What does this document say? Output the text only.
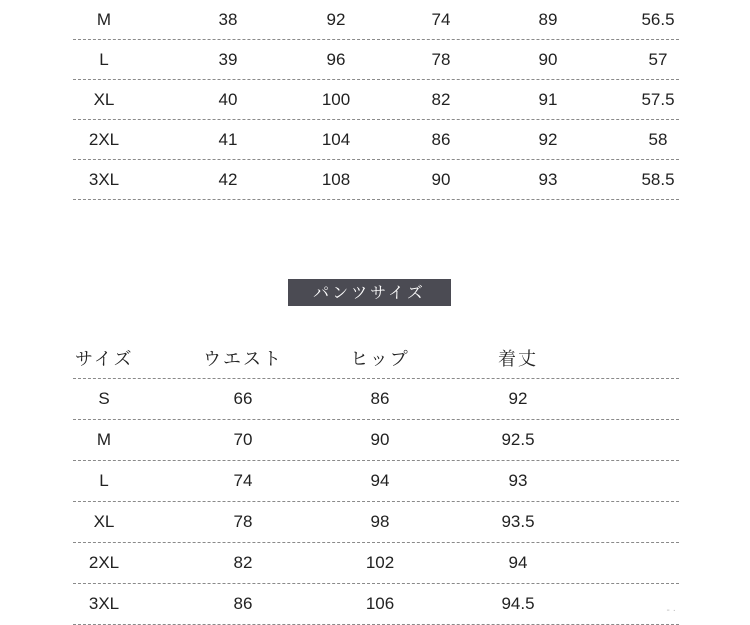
M	38	92	74	89	56.5
L	39	96	78	90	57
XL	40	100	82	91	57.5
2XL	41	104	86	92	58
3XL	42	108	90	93	58.5
パンツサイズ
サイズ	ウエスト	ヒップ	着丈
S	66	86	92
M	70	90	92.5
L	74	94	93
XL	78	98	93.5
2XL	82	102	94
3XL	86	106	94.5	- ·
